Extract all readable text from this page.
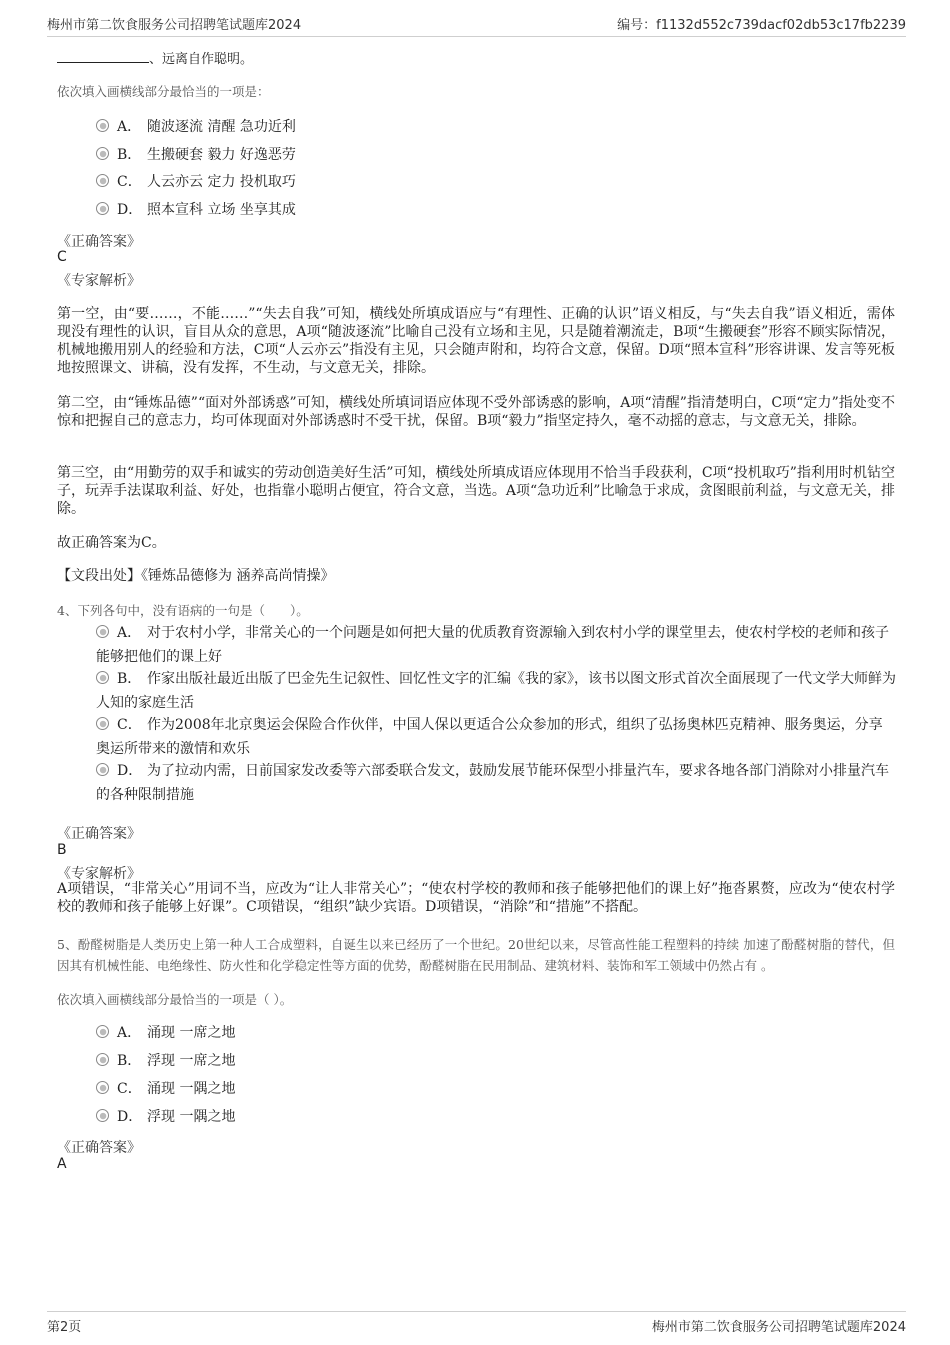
梅州市第二饮食服务公司招聘笔试题库2024	编号：f1132d552c739dacf02db53c17fb2239
、远离自作聪明。
依次填入画横线部分最恰当的一项是：
A． 随波逐流 清醒 急功近利
B． 生搬硬套 毅力 好逸恶劳
C． 人云亦云 定力 投机取巧
D． 照本宣科 立场 坐享其成
《正确答案》
C
《专家解析》
第一空，由“要……，不能……”“失去自我”可知，横线处所填成语应与“有理性、正确的认识”语义相反，与“失去自我”语义相近，需体现没有理性的认识，盲目从众的意思，A项“随波逐流”比喻自己没有立场和主见，只是随着潮流走，B项“生搬硬套”形容不顾实际情况，机械地搬用别人的经验和方法，C项“人云亦云”指没有主见，只会随声附和，均符合文意，保留。D项“照本宣科”形容讲课、发言等死板地按照课文、讲稿，没有发挥，不生动，与文意无关，排除。
第二空，由“锤炼品德”“面对外部诱惑”可知，横线处所填词语应体现不受外部诱惑的影响，A项“清醒”指清楚明白，C项“定力”指处变不惊和把握自己的意志力，均可体现面对外部诱惑时不受干扰，保留。B项“毅力”指坚定持久，毫不动摇的意志，与文意无关，排除。
第三空，由“用勤劳的双手和诚实的劳动创造美好生活”可知，横线处所填成语应体现用不恰当手段获利，C项“投机取巧”指利用时机钻空子，玩弄手法谋取利益、好处，也指靠小聪明占便宜，符合文意，当选。A项“急功近利”比喻急于求成，贪图眼前利益，与文意无关，排除。
故正确答案为C。
【文段出处】《锤炼品德修为 涵养高尚情操》
4、下列各句中，没有语病的一句是（　　）。
A． 对于农村小学，非常关心的一个问题是如何把大量的优质教育资源输入到农村小学的课堂里去，使农村学校的老师和孩子能够把他们的课上好
B． 作家出版社最近出版了巴金先生记叙性、回忆性文字的汇编《我的家》，该书以图文形式首次全面展现了一代文学大师鲜为人知的家庭生活
C． 作为2008年北京奥运会保险合作伙伴，中国人保以更适合公众参加的形式，组织了弘扬奥林匹克精神、服务奥运，分享奥运所带来的激情和欢乐
D． 为了拉动内需，日前国家发改委等六部委联合发文，鼓励发展节能环保型小排量汽车，要求各地各部门消除对小排量汽车的各种限制措施
《正确答案》
B
《专家解析》
A项错误，“非常关心”用词不当，应改为“让人非常关心”；“使农村学校的教师和孩子能够把他们的课上好”拖沓累赘，应改为“使农村学校的教师和孩子能够上好课”。C项错误，“组织”缺少宾语。D项错误，“消除”和“措施”不搭配。
5、酚醛树脂是人类历史上第一种人工合成塑料，自诞生以来已经历了一个世纪。20世纪以来，尽管高性能工程塑料的持续 加速了酚醛树脂的替代，但因其有机械性能、电绝缘性、防火性和化学稳定性等方面的优势，酚醛树脂在民用制品、建筑材料、装饰和军工领域中仍然占有 。
依次填入画横线部分最恰当的一项是（ ）。
A． 涌现 一席之地
B． 浮现 一席之地
C． 涌现 一隅之地
D． 浮现 一隅之地
《正确答案》
A
第2页	梅州市第二饮食服务公司招聘笔试题库2024
